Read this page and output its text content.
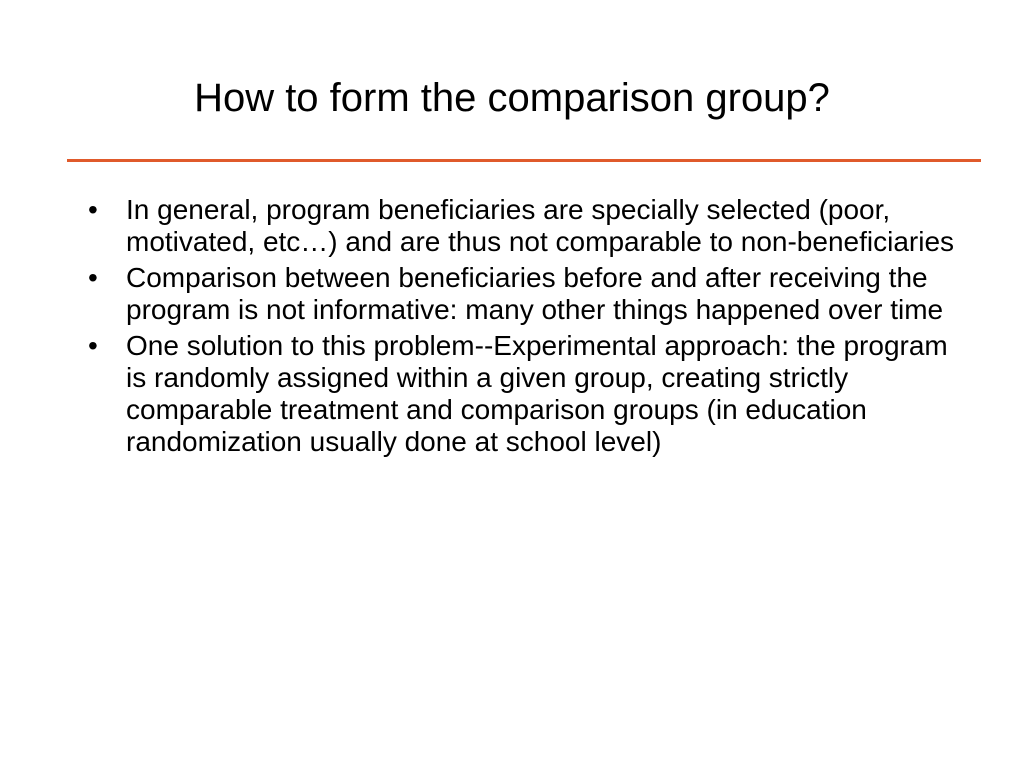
How to form the comparison group?
•	In general, program beneficiaries are specially selected (poor, motivated, etc…) and are thus not comparable to non-beneficiaries
•	Comparison between beneficiaries before and after receiving the program is not informative: many other things happened over time
•	One solution to this problem--Experimental approach: the program is randomly assigned within a given group, creating strictly comparable treatment and comparison groups (in education randomization usually done at school level)
